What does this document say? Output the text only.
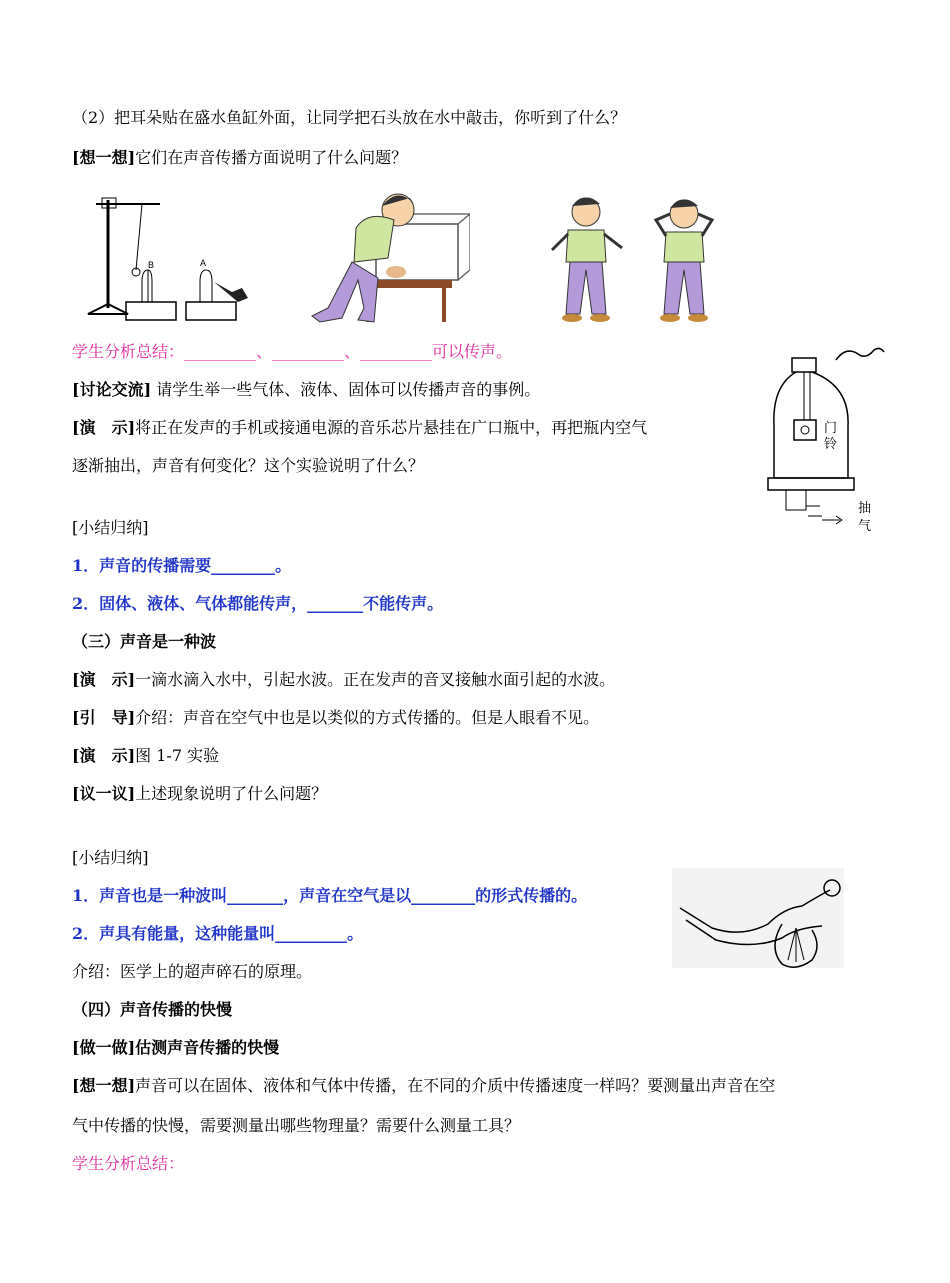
（2）把耳朵贴在盛水鱼缸外面，让同学把石头放在水中敲击，你听到了什么？
[想一想]它们在声音传播方面说明了什么问题？
B	A
学生分析总结：_________、_________、_________可以传声。
[讨论交流] 请学生举一些气体、液体、固体可以传播声音的事例。
[演　示]将正在发声的手机或接通电源的音乐芯片悬挂在广口瓶中，再把瓶内空气
逐渐抽出，声音有何变化？这个实验说明了什么？
门
铃
抽
气
[小结归纳]
1．声音的传播需要________。
2．固体、液体、气体都能传声，_______不能传声。
（三）声音是一种波
[演　示]一滴水滴入水中，引起水波。正在发声的音叉接触水面引起的水波。
[引　导]介绍：声音在空气中也是以类似的方式传播的。但是人眼看不见。
[演　示]图 1-7 实验
[议一议]上述现象说明了什么问题？
[小结归纳]
1．声音也是一种波叫_______，声音在空气是以________的形式传播的。
2．声具有能量，这种能量叫_________。
介绍：医学上的超声碎石的原理。
（四）声音传播的快慢
[做一做]估测声音传播的快慢
[想一想]声音可以在固体、液体和气体中传播，在不同的介质中传播速度一样吗？要测量出声音在空
气中传播的快慢，需要测量出哪些物理量？需要什么测量工具？
学生分析总结：
